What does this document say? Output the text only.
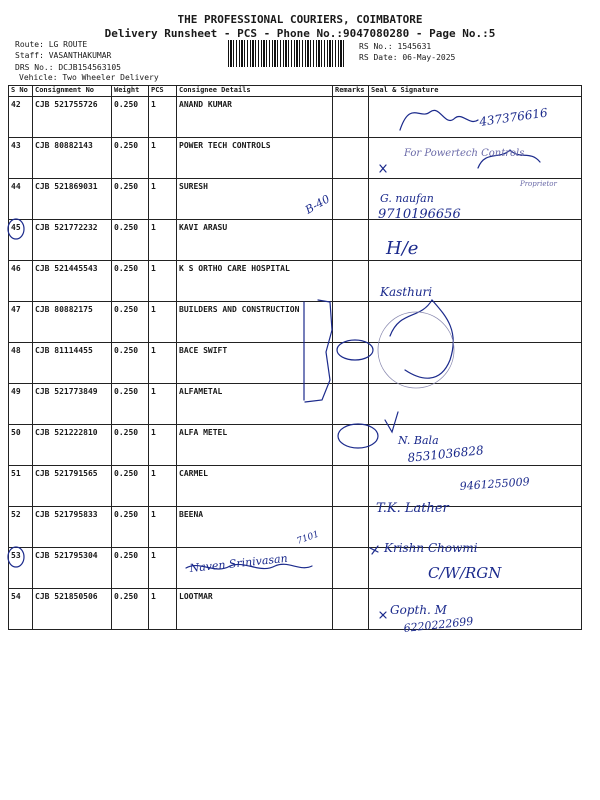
THE PROFESSIONAL COURIERS, COIMBATORE
Delivery Runsheet - PCS - Phone No.:9047080280 - Page No.:5
Route: LG ROUTE
Staff: VASANTHAKUMAR
DRS No.: DCJB154563105
Vehicle: Two Wheeler Delivery
RS No.: 1545631
RS Date: 06-May-2025
S No	Consignment No	Weight	PCS	Consignee Details	Remarks	Seal & Signature
42	CJB 521755726	0.250	1	ANAND KUMAR		
43	CJB 80882143	0.250	1	POWER TECH CONTROLS		
44	CJB 521869031	0.250	1	SURESH		
45	CJB 521772232	0.250	1	KAVI ARASU		
46	CJB 521445543	0.250	1	K S ORTHO CARE HOSPITAL		
47	CJB 80882175	0.250	1	BUILDERS AND CONSTRUCTION		
48	CJB 81114455	0.250	1	BACE SWIFT		
49	CJB 521773849	0.250	1	ALFAMETAL		
50	CJB 521222810	0.250	1	ALFA METEL		
51	CJB 521791565	0.250	1	CARMEL		
52	CJB 521795833	0.250	1	BEENA		
53	CJB 521795304	0.250	1			
54	CJB 521850506	0.250	1	LOOTMAR		
437376616
For Powertech Controls
Proprietor
B-40	G. naufan
9710196656
H/e
Kasthuri
N. Bala
8531036828
9461255009
T.K. Lather
Krishn Chowmi
C/W/RGN
Naven Srinivasan
7101
Gopth. M
6220222699
